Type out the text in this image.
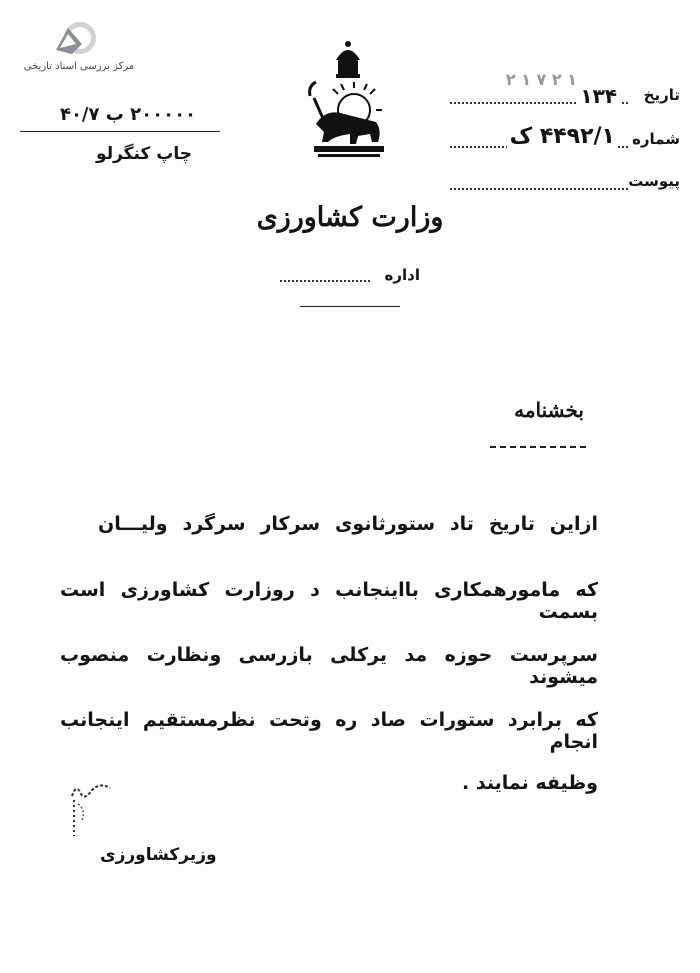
مرکز بررسی اسناد تاریخی
۲۰۰۰۰۰ ب ۴۰/۷
چاپ کنگرلو
وزارت کشاورزی
اداره
۱ ۲ ۷ ۱ ۲
۱۳۴ تاریخ
۴۴۹۲/۱ ک شماره
پیوست
بخشنامه
ازاین تاریخ تاد ستورثانوی سرکار سرگرد ولیـــان
که مامورهمکاری بااینجانب د روزارت کشاورزی است بسمت
سرپرست حوزه مد یرکلی بازرسی ونظارت منصوب میشوند
که برابرد ستورات صاد ره وتحت نظرمستقیم اینجانب انجام
وظیفه نمایند .
وزیرکشاورزی
